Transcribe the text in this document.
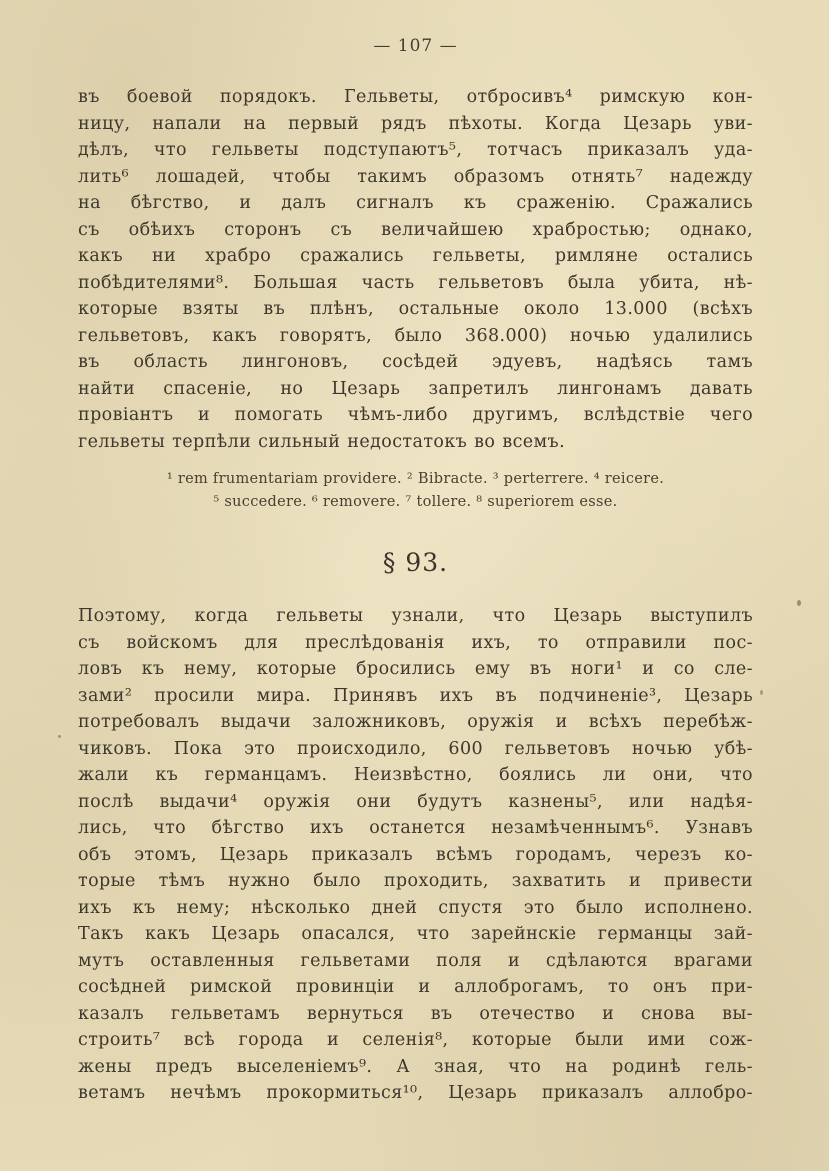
— 107 —
въ боевой порядокъ. Гельветы, отбросивъ⁴ римскую кон-
ницу, напали на первый рядъ пѣхоты. Когда Цезарь уви-
дѣлъ, что гельветы подступаютъ⁵, тотчасъ приказалъ уда-
лить⁶ лошадей, чтобы такимъ образомъ отнять⁷ надежду
на бѣгство, и далъ сигналъ къ сраженію. Сражались
съ обѣихъ сторонъ съ величайшею храбростью; однако,
какъ ни храбро сражались гельветы, римляне остались
побѣдителями⁸. Большая часть гельветовъ была убита, нѣ-
которые взяты въ плѣнъ, остальные около 13.000 (всѣхъ
гельветовъ, какъ говорятъ, было 368.000) ночью удалились
въ область лингоновъ, сосѣдей эдуевъ, надѣясь тамъ
найти спасеніе, но Цезарь запретилъ лингонамъ давать
провіантъ и помогать чѣмъ-либо другимъ, вслѣдствіе чего
гельветы терпѣли сильный недостатокъ во всемъ.
¹ rem frumentariam providere. ² Bibracte. ³ perterrere. ⁴ reicere.
⁵ succedere. ⁶ removere. ⁷ tollere. ⁸ superiorem esse.
§ 93.
Поэтому, когда гельветы узнали, что Цезарь выступилъ
съ войскомъ для преслѣдованія ихъ, то отправили пос-
ловъ къ нему, которые бросились ему въ ноги¹ и со сле-
зами² просили мира. Принявъ ихъ въ подчиненіе³, Цезарь
потребовалъ выдачи заложниковъ, оружія и всѣхъ перебѣж-
чиковъ. Пока это происходило, 600 гельветовъ ночью убѣ-
жали къ германцамъ. Неизвѣстно, боялись ли они, что
послѣ выдачи⁴ оружія они будутъ казнены⁵, или надѣя-
лись, что бѣгство ихъ останется незамѣченнымъ⁶. Узнавъ
объ этомъ, Цезарь приказалъ всѣмъ городамъ, черезъ ко-
торые тѣмъ нужно было проходить, захватить и привести
ихъ къ нему; нѣсколько дней спустя это было исполнено.
Такъ какъ Цезарь опасался, что зарейнскіе германцы зай-
мутъ оставленныя гельветами поля и сдѣлаются врагами
сосѣдней римской провинціи и аллоброгамъ, то онъ при-
казалъ гельветамъ вернуться въ отечество и снова вы-
строить⁷ всѣ города и селенія⁸, которые были ими сож-
жены предъ выселеніемъ⁹. А зная, что на родинѣ гель-
ветамъ нечѣмъ прокормиться¹⁰, Цезарь приказалъ аллобро-
